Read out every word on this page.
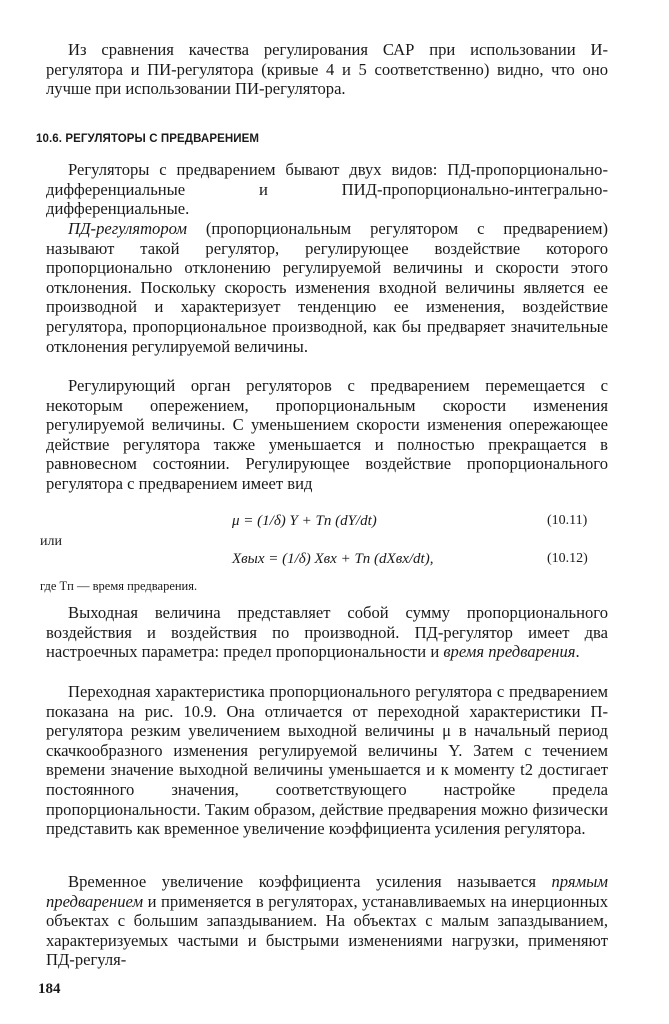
Из сравнения качества регулирования САР при использовании И-регулятора и ПИ-регулятора (кривые 4 и 5 соответственно) видно, что оно лучше при использовании ПИ-регулятора.

10.6. РЕГУЛЯТОРЫ С ПРЕДВАРЕНИЕМ

Регуляторы с предварением бывают двух видов: ПД-пропорционально-дифференциальные и ПИД-пропорционально-интегрально-дифференциальные.

ПД-регулятором (пропорциональным регулятором с предварением) называют такой регулятор, регулирующее воздействие которого пропорционально отклонению регулируемой величины и скорости этого отклонения. Поскольку скорость изменения входной величины является ее производной и характеризует тенденцию ее изменения, воздействие регулятора, пропорциональное производной, как бы предваряет значительные отклонения регулируемой величины.

Регулирующий орган регуляторов с предварением перемещается с некоторым опережением, пропорциональным скорости изменения регулируемой величины. С уменьшением скорости изменения опережающее действие регулятора также уменьшается и полностью прекращается в равновесном состоянии. Регулирующее воздействие пропорционального регулятора с предварением имеет вид

μ = (1/δ) Y + Tп (dY/dt)	(10.11)
или
Xвых = (1/δ) Xвх + Tп (dXвх/dt),	(10.12)
где Tп — время предварения.

Выходная величина представляет собой сумму пропорционального воздействия и воздействия по производной. ПД-регулятор имеет два настроечных параметра: предел пропорциональности и время предварения.

Переходная характеристика пропорционального регулятора с предварением показана на рис. 10.9. Она отличается от переходной характеристики П-регулятора резким увеличением выходной величины μ в начальный период скачкообразного изменения регулируемой величины Y. Затем с течением времени значение выходной величины уменьшается и к моменту t2 достигает постоянного значения, соответствующего настройке предела пропорциональности. Таким образом, действие предварения можно физически представить как временное увеличение коэффициента усиления регулятора.

Временное увеличение коэффициента усиления называется прямым предварением и применяется в регуляторах, устанавливаемых на инерционных объектах с большим запаздыванием. На объектах с малым запаздыванием, характеризуемых частыми и быстрыми изменениями нагрузки, применяют ПД-регуля-

184
